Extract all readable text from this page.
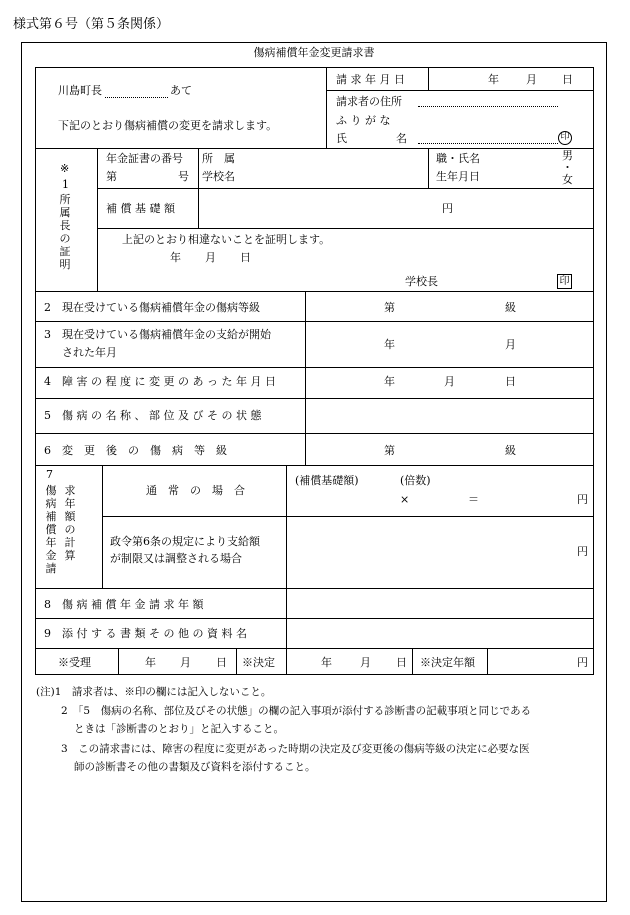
様式第６号（第５条関係）
傷病補償年金変更請求書
川島町長	あて
下記のとおり傷病補償の変更を請求します。
請 求 年 月 日	年 月 日
請求者の住所
ふ り が な
氏	名	印
※
1
所属長の証明
年金証書の番号
第	号
所　属
学校名
職・氏名
生年月日
男
・
女
補 償 基 礎 額	円
上記のとおり相違ないことを証明します。
年 月 日
学校長	印
2　現在受けている傷病補償年金の傷病等級	第	級
3　現在受けている傷病補償年金の支給が開始
された年月
年	月
4　障 害 の 程 度 に 変 更 の あ っ た 年 月 日	年	月	日
5　傷 病 の 名 称 、 部 位 及 び そ の 状 態
6　変　更　後　の　傷　病　等　級	第	級
7
傷病補償年金請
求年額の計算
通　常　の　場　合
(補償基礎額)	(倍数)
×	＝	円
政令第6条の規定により支給額
が制限又は調整される場合
円
8　傷 病 補 償 年 金 請 求 年 額
9　添 付 す る 書 類 そ の 他 の 資 料 名
※受理	年 月 日 ※決定	年	月 日 ※決定年額	円
(注)1　請求者は、※印の欄には記入しないこと。
2　「5　傷病の名称、部位及びその状態」の欄の記入事項が添付する診断書の記載事項と同じである
ときは「診断書のとおり」と記入すること。
3　この請求書には、障害の程度に変更があった時期の決定及び変更後の傷病等級の決定に必要な医
師の診断書その他の書類及び資料を添付すること。
